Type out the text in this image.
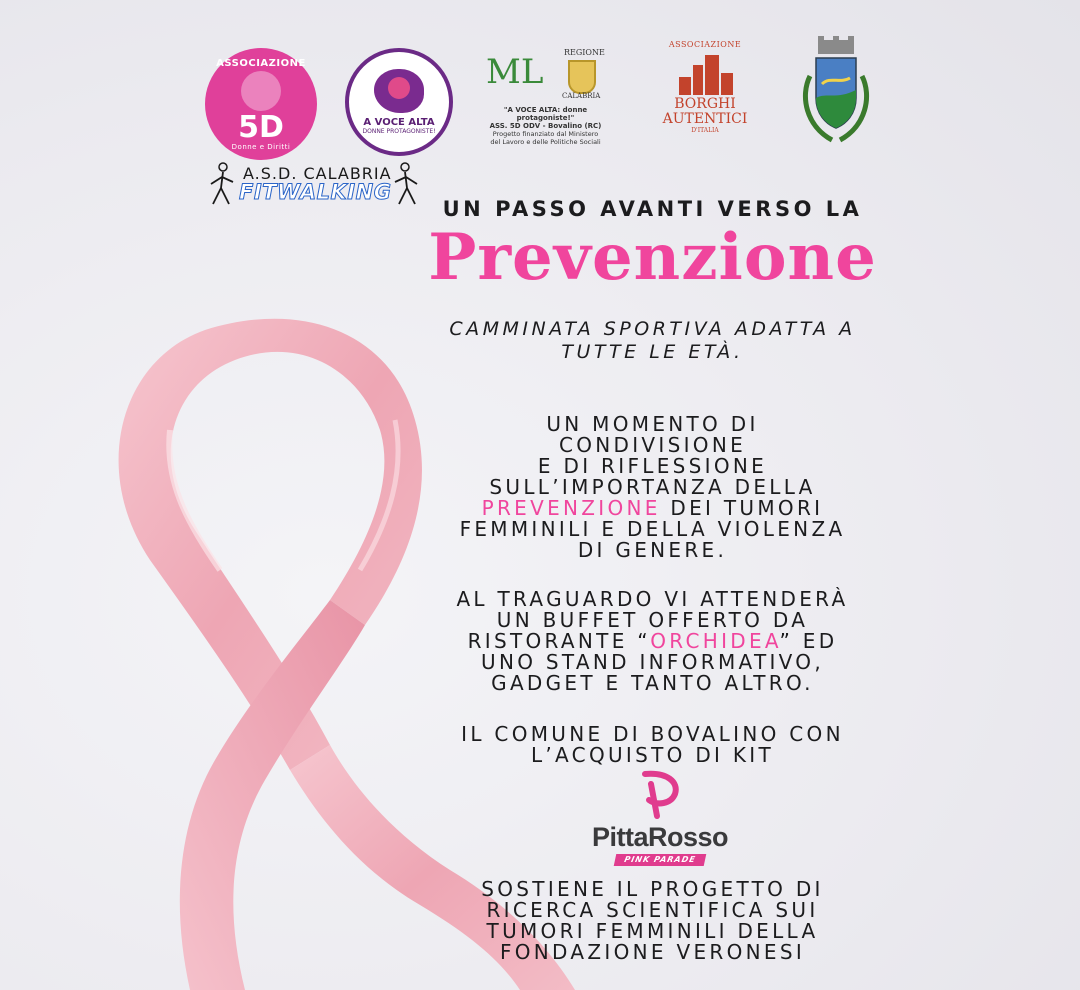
ASSOCIAZIONE
5D
Donne e Diritti
A VOCE ALTA
DONNE PROTAGONISTE!
ML	REGIONE
CALABRIA
"A VOCE ALTA: donne protagoniste!"
ASS. 5D ODV - Bovalino (RC)
Progetto finanziato dal Ministero
del Lavoro e delle Politiche Sociali
ASSOCIAZIONE
BORGHI
AUTENTICI
D'ITALIA
A.S.D. CALABRIA
FITWALKING
UN PASSO AVANTI VERSO LA
Prevenzione
CAMMINATA SPORTIVA ADATTA A
TUTTE LE ETÀ.
UN MOMENTO DI
CONDIVISIONE
E DI RIFLESSIONE
SULL’IMPORTANZA DELLA
PREVENZIONE DEI TUMORI
FEMMINILI E DELLA VIOLENZA
DI GENERE.
AL TRAGUARDO VI ATTENDERÀ
UN BUFFET OFFERTO DA
RISTORANTE “ORCHIDEA” ED
UNO STAND INFORMATIVO,
GADGET E TANTO ALTRO.
IL COMUNE DI BOVALINO CON
L’ACQUISTO DI KIT
PittaRosso
PINK PARADE
SOSTIENE IL PROGETTO DI
RICERCA SCIENTIFICA SUI
TUMORI FEMMINILI DELLA
FONDAZIONE VERONESI
